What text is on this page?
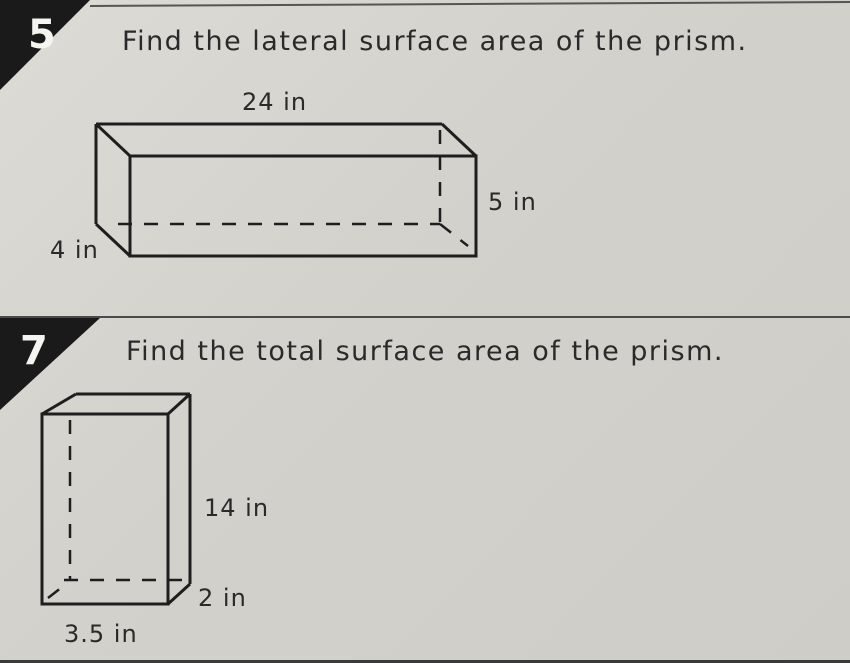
5 Find the lateral surface area of the prism.
24 in
5 in
4 in
7	Find the total surface area of the prism.
14 in
2 in
3.5 in
